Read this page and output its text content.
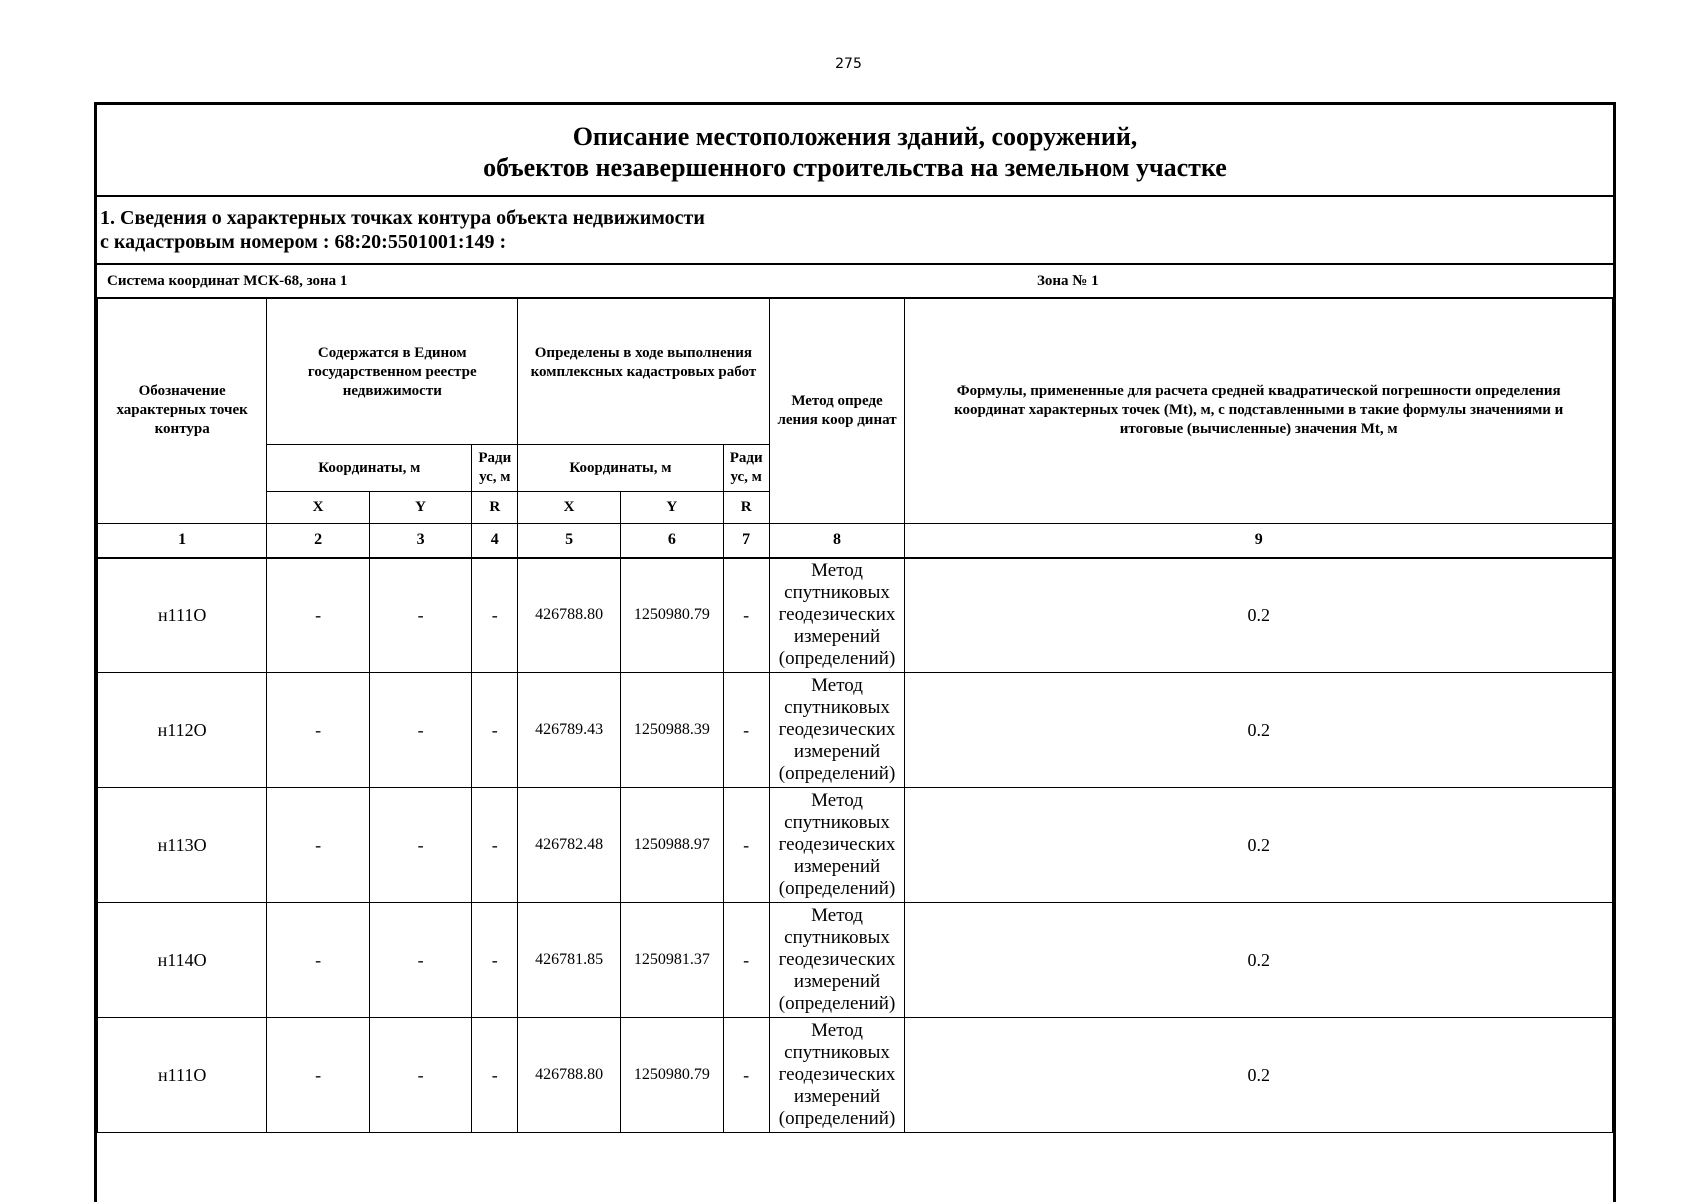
275
Описание местоположения зданий, сооружений,
объектов незавершенного строительства на земельном участке
1. Сведения о характерных точках контура объекта недвижимости
с кадастровым номером : 68:20:5501001:149 :
Система координат МСК-68, зона 1	Зона № 1
Обозначение характерных точек контура	Содержатся в Едином государственном реестре недвижимости			Определены в ходе выполнения комплексных кадастровых работ			Метод опреде ления коор динат	Формулы, примененные для расчета средней квадратической погрешности определения координат характерных точек (Mt), м, с подставленными в такие формулы значениями и итоговые (вычисленные) значения Mt, м
	Координаты, м		Ради ус, м	Координаты, м		Ради ус, м		
	X	Y	R	X	Y	R		
1	2	3	4	5	6	7	8	9
н111О	-	-	-	426788.80	1250980.79	-	Метод спутниковых геодезических измерений (определений)	0.2
н112О	-	-	-	426789.43	1250988.39	-	Метод спутниковых геодезических измерений (определений)	0.2
н113О	-	-	-	426782.48	1250988.97	-	Метод спутниковых геодезических измерений (определений)	0.2
н114О	-	-	-	426781.85	1250981.37	-	Метод спутниковых геодезических измерений (определений)	0.2
н111О	-	-	-	426788.80	1250980.79	-	Метод спутниковых геодезических измерений (определений)	0.2
